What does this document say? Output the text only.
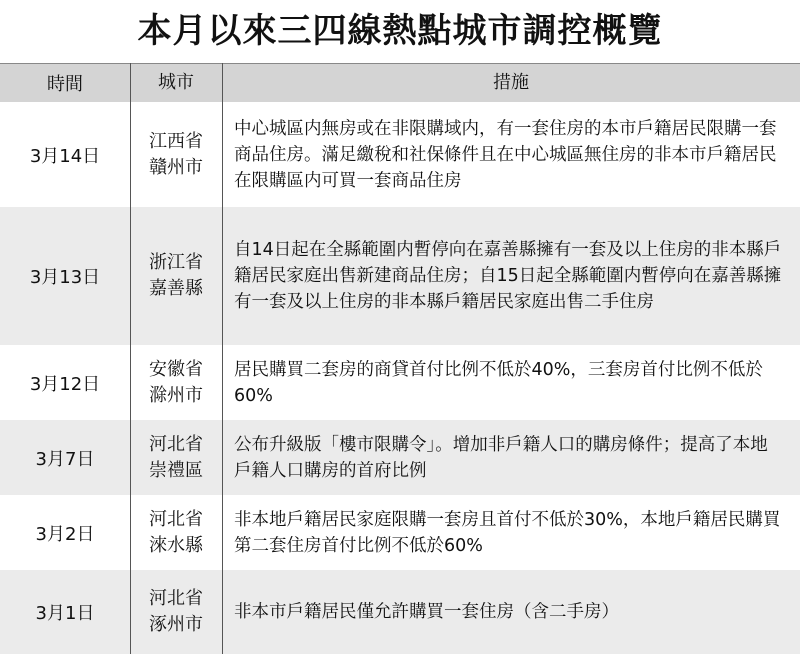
本月以來三四線熱點城市調控概覽
時間	城市	措施
3月14日
江西省
贛州市
中心城區内無房或在非限購域内，有一套住房的本市戶籍居民限購一套商品住房。滿足繳稅和社保條件且在中心城區無住房的非本市戶籍居民在限購區内可買一套商品住房
3月13日
浙江省
嘉善縣
自14日起在全縣範圍内暫停向在嘉善縣擁有一套及以上住房的非本縣戶籍居民家庭出售新建商品住房；自15日起全縣範圍内暫停向在嘉善縣擁有一套及以上住房的非本縣戶籍居民家庭出售二手住房
3月12日
安徽省
滁州市
居民購買二套房的商貸首付比例不低於40%，三套房首付比例不低於60%
3月7日
河北省
崇禮區
公布升級版「樓市限購令」。增加非戶籍人口的購房條件；提高了本地戶籍人口購房的首府比例
3月2日
河北省
淶水縣
非本地戶籍居民家庭限購一套房且首付不低於30%，本地戶籍居民購買第二套住房首付比例不低於60%
3月1日
河北省
涿州市
非本市戶籍居民僅允許購買一套住房（含二手房）
